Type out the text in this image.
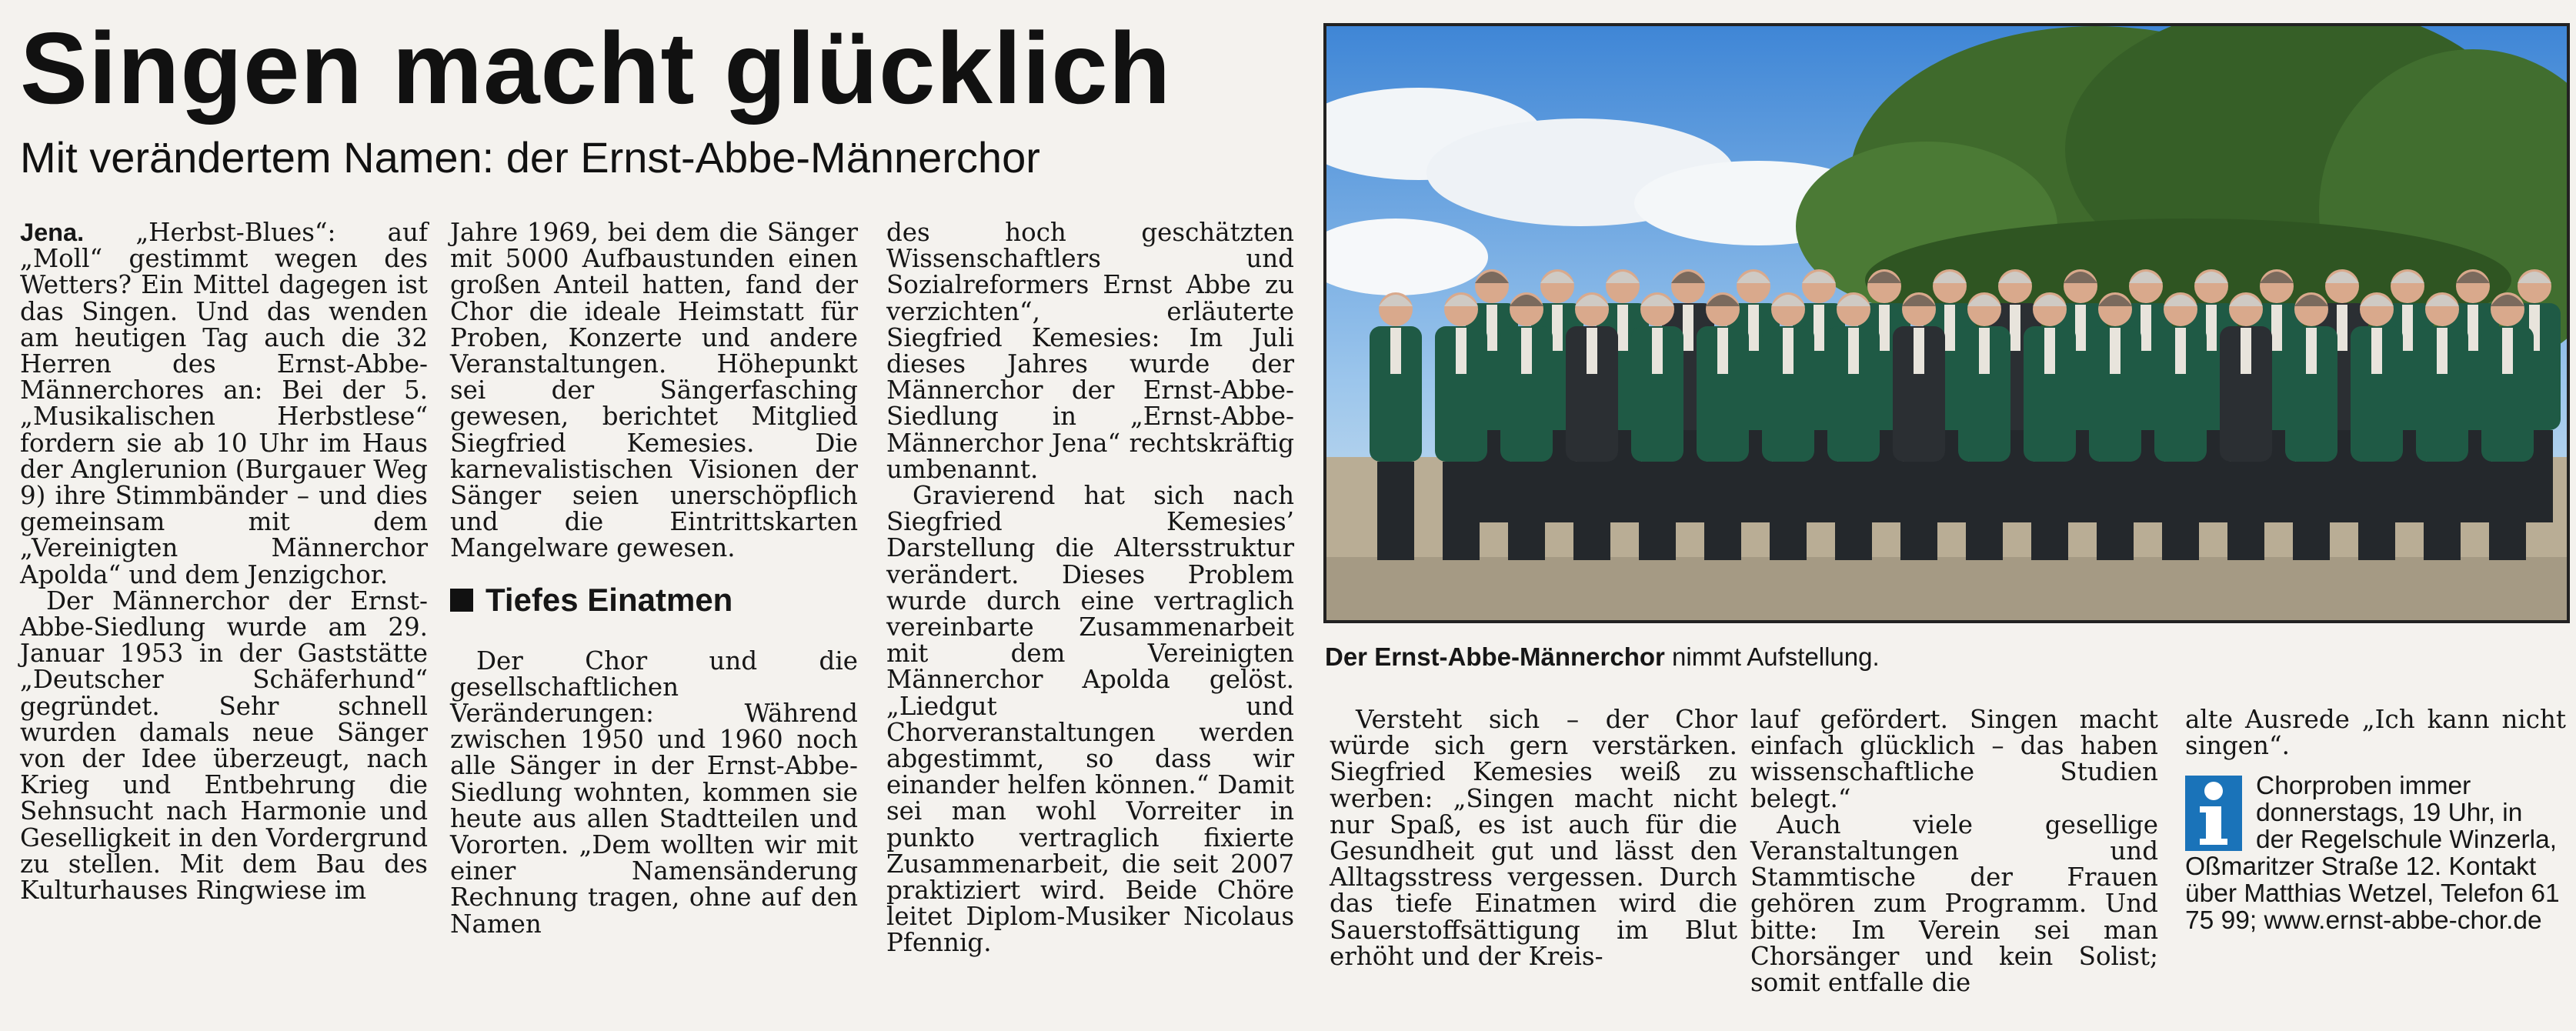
Singen macht glücklich
Mit verändertem Namen: der Ernst-Abbe-Männerchor

Jena. „Herbst-Blues“: auf „Moll“ gestimmt wegen des Wetters? Ein Mittel dagegen ist das Singen. Und das wenden am heutigen Tag auch die 32 Herren des Ernst-Abbe-Männerchores an: Bei der 5. „Musikalischen Herbstlese“ fordern sie ab 10 Uhr im Haus der Anglerunion (Burgauer Weg 9) ihre Stimmbänder – und dies gemeinsam mit dem „Vereinigten Männerchor Apolda“ und dem Jenzigchor.

Der Männerchor der Ernst-Abbe-Siedlung wurde am 29. Januar 1953 in der Gaststätte „Deutscher Schäferhund“ gegründet. Sehr schnell wurden damals neue Sänger von der Idee überzeugt, nach Krieg und Entbehrung die Sehnsucht nach Harmonie und Geselligkeit in den Vordergrund zu stellen. Mit dem Bau des Kulturhauses Ringwiese im

Jahre 1969, bei dem die Sänger mit 5000 Aufbaustunden einen großen Anteil hatten, fand der Chor die ideale Heimstatt für Proben, Konzerte und andere Veranstaltungen. Höhepunkt sei der Sängerfasching gewesen, berichtet Mitglied Siegfried Kemesies. Die karnevalistischen Visionen der Sänger seien unerschöpflich und die Eintrittskarten Mangelware gewesen.

Tiefes Einatmen

Der Chor und die gesellschaftlichen Veränderungen: Während zwischen 1950 und 1960 noch alle Sänger in der Ernst-Abbe-Siedlung wohnten, kommen sie heute aus allen Stadtteilen und Vororten. „Dem wollten wir mit einer Namensänderung Rechnung tragen, ohne auf den Namen

des hoch geschätzten Wissenschaftlers und Sozialreformers Ernst Abbe zu verzichten“, erläuterte Siegfried Kemesies: Im Juli dieses Jahres wurde der Männerchor der Ernst-Abbe-Siedlung in „Ernst-Abbe-Männerchor Jena“ rechtskräftig umbenannt.

Gravierend hat sich nach Siegfried Kemesies’ Darstellung die Altersstruktur verändert. Dieses Problem wurde durch eine vertraglich vereinbarte Zusammenarbeit mit dem Vereinigten Männerchor Apolda gelöst. „Liedgut und Chorveranstaltungen werden abgestimmt, so dass wir einander helfen können.“ Damit sei man wohl Vorreiter in punkto vertraglich fixierte Zusammenarbeit, die seit 2007 praktiziert wird. Beide Chöre leitet Diplom-Musiker Nicolaus Pfennig.

Der Ernst-Abbe-Männerchor nimmt Aufstellung.

Versteht sich – der Chor würde sich gern verstärken. Siegfried Kemesies weiß zu werben: „Singen macht nicht nur Spaß, es ist auch für die Gesundheit gut und lässt den Alltagsstress vergessen. Durch das tiefe Einatmen wird die Sauerstoffsättigung im Blut erhöht und der Kreis-

lauf gefördert. Singen macht einfach glücklich – das haben wissenschaftliche Studien belegt.“

Auch viele gesellige Veranstaltungen und Stammtische der Frauen gehören zum Programm. Und bitte: Im Verein sei man Chorsänger und kein Solist; somit entfalle die

alte Ausrede „Ich kann nicht singen“.

Chorproben immer donnerstags, 19 Uhr, in der Regelschule Winzerla, Oßmaritzer Straße 12. Kontakt über Matthias Wetzel, Telefon 61 75 99; www.ernst-abbe-chor.de
